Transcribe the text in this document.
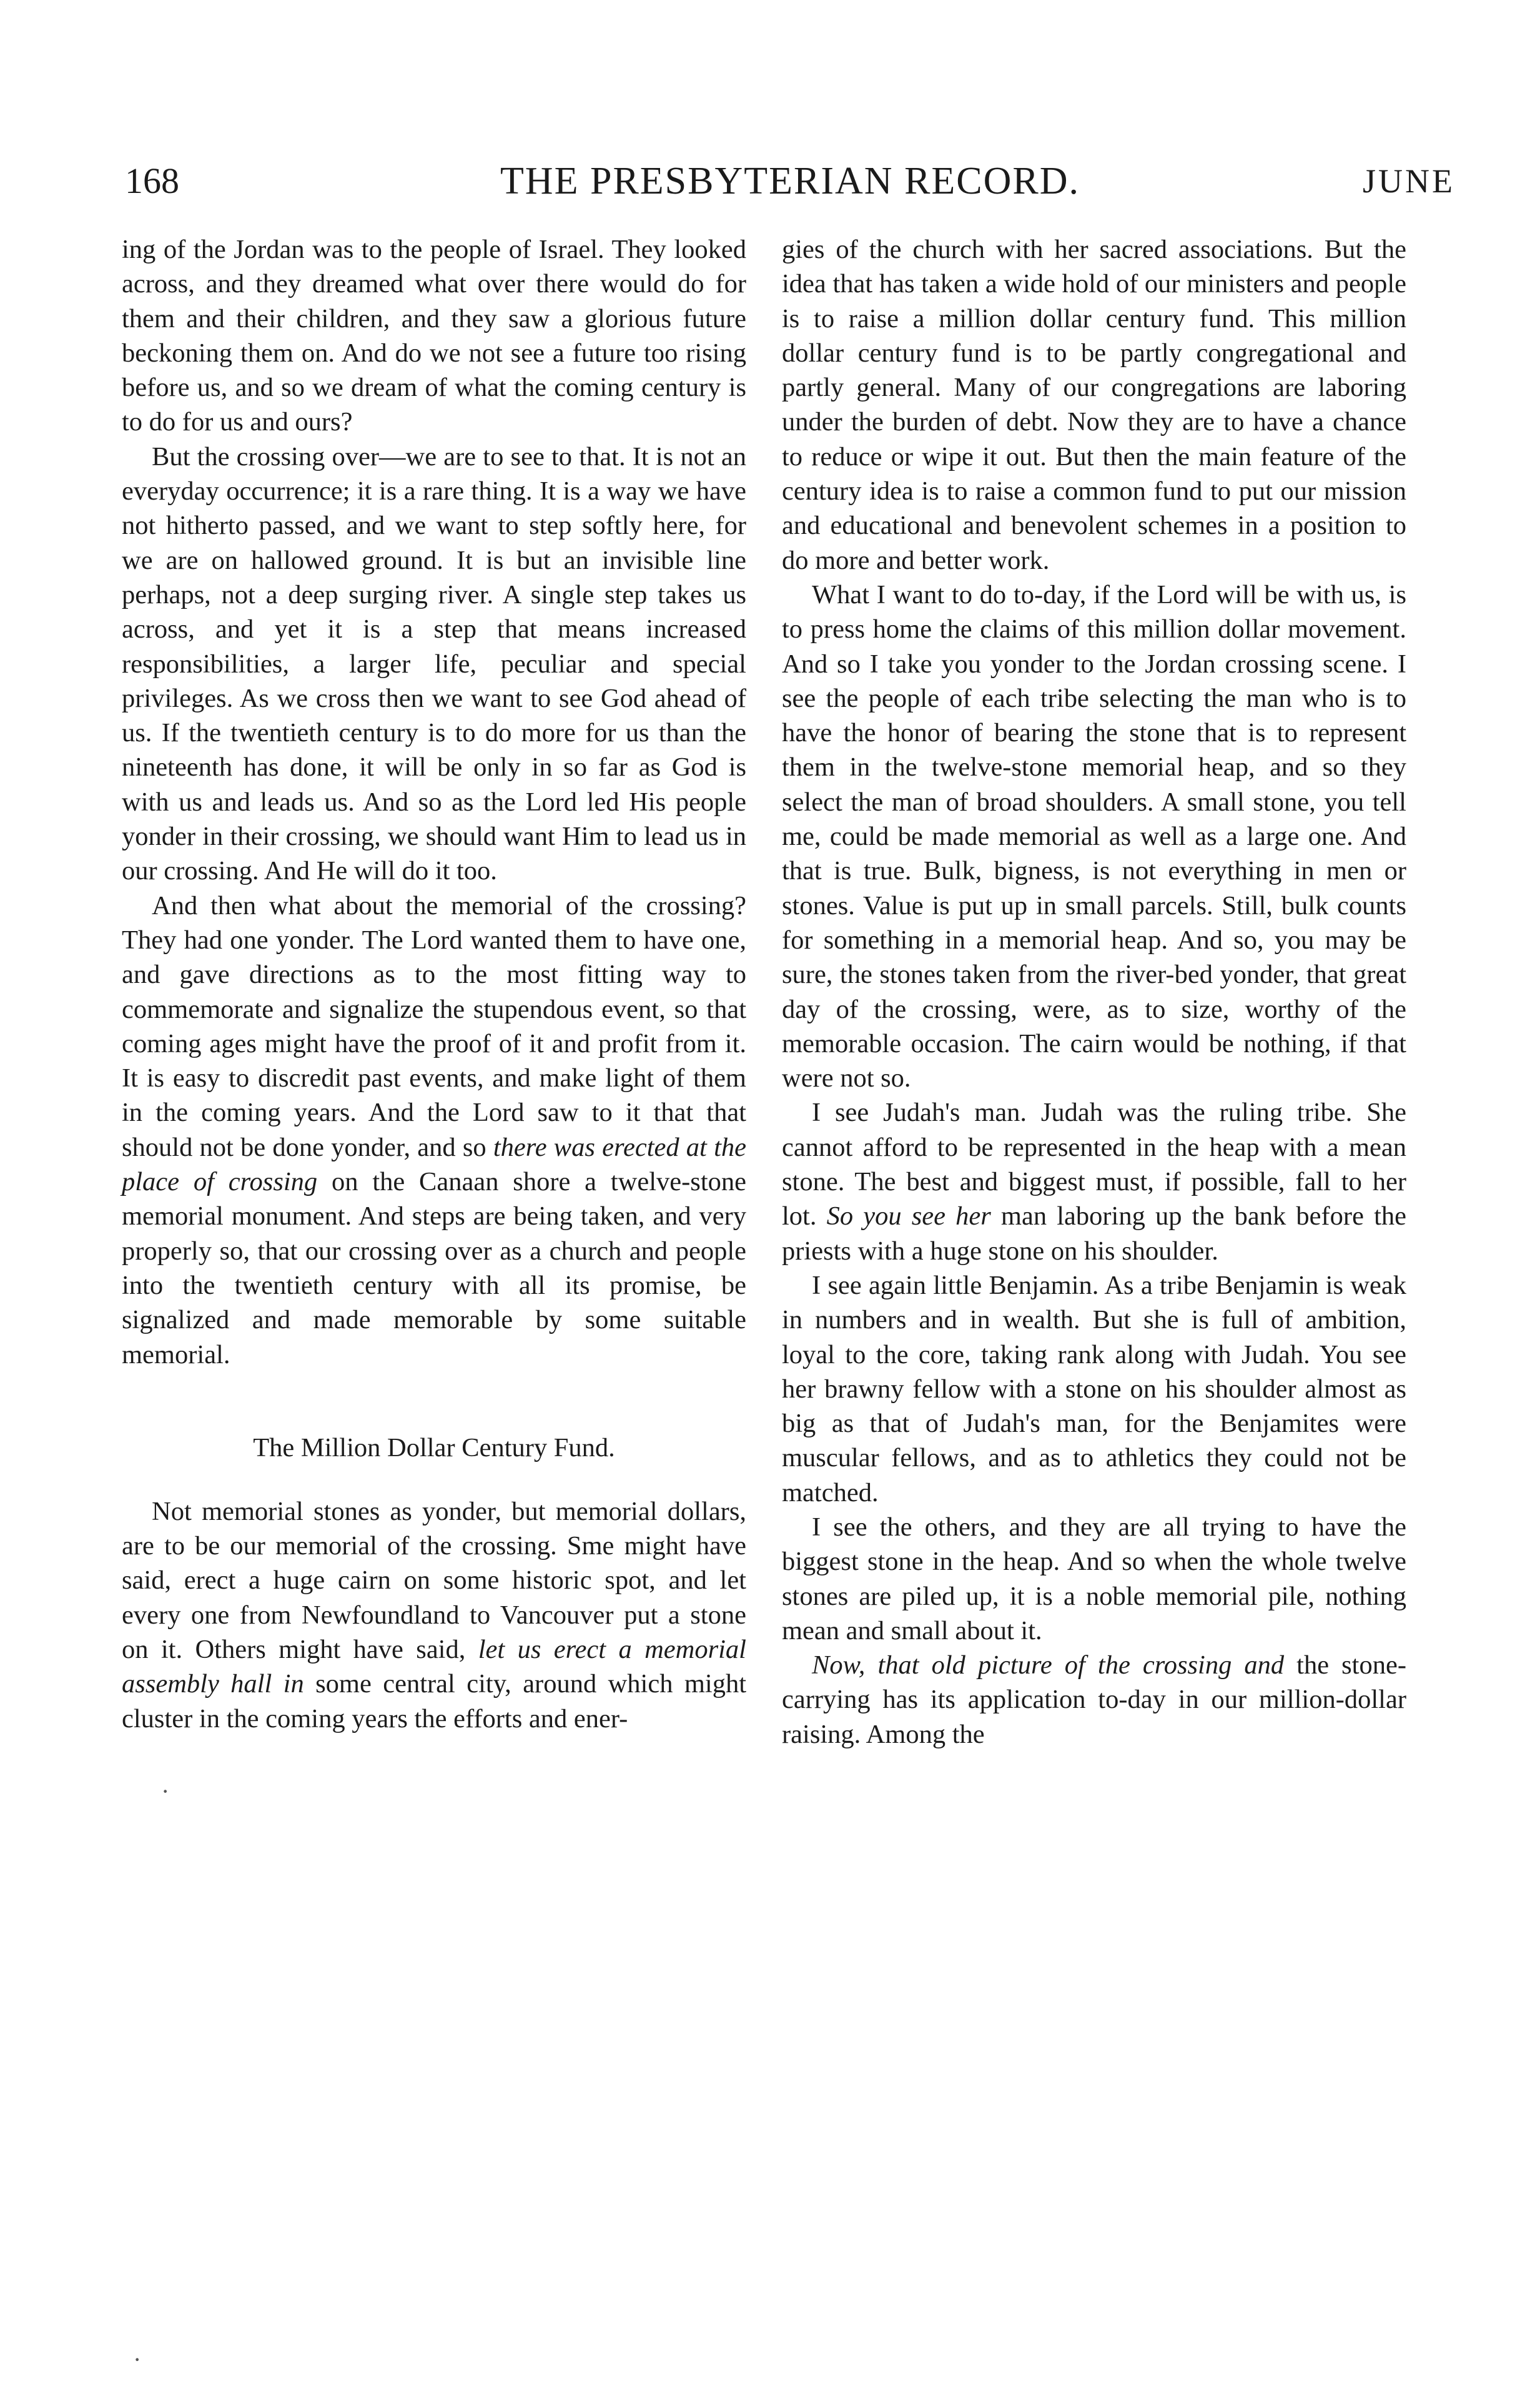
168	THE PRESBYTERIAN RECORD.	JUNE

ing of the Jordan was to the people of Israel. They looked across, and they dreamed what over there would do for them and their children, and they saw a glorious future beckoning them on. And do we not see a future too rising before us, and so we dream of what the coming century is to do for us and ours?

But the crossing over—we are to see to that. It is not an everyday occurrence; it is a rare thing. It is a way we have not hitherto passed, and we want to step softly here, for we are on hallowed ground. It is but an invisible line perhaps, not a deep surging river. A single step takes us across, and yet it is a step that means increased responsibilities, a larger life, peculiar and special privileges. As we cross then we want to see God ahead of us. If the twentieth century is to do more for us than the nineteenth has done, it will be only in so far as God is with us and leads us. And so as the Lord led His people yonder in their crossing, we should want Him to lead us in our crossing. And He will do it too.

And then what about the memorial of the crossing? They had one yonder. The Lord wanted them to have one, and gave directions as to the most fitting way to commemorate and signalize the stupendous event, so that coming ages might have the proof of it and profit from it. It is easy to discredit past events, and make light of them in the coming years. And the Lord saw to it that that should not be done yonder, and so there was erected at the place of crossing on the Canaan shore a twelve-stone memorial monument. And steps are being taken, and very properly so, that our crossing over as a church and people into the twentieth century with all its promise, be signalized and made memorable by some suitable memorial.

The Million Dollar Century Fund.

Not memorial stones as yonder, but memorial dollars, are to be our memorial of the crossing. Sme might have said, erect a huge cairn on some historic spot, and let every one from Newfoundland to Vancouver put a stone on it. Others might have said, let us erect a memorial assembly hall in some central city, around which might cluster in the coming years the efforts and ener-

gies of the church with her sacred associations. But the idea that has taken a wide hold of our ministers and people is to raise a million dollar century fund. This million dollar century fund is to be partly congregational and partly general. Many of our congregations are laboring under the burden of debt. Now they are to have a chance to reduce or wipe it out. But then the main feature of the century idea is to raise a common fund to put our mission and educational and benevolent schemes in a position to do more and better work.

What I want to do to-day, if the Lord will be with us, is to press home the claims of this million dollar movement. And so I take you yonder to the Jordan crossing scene. I see the people of each tribe selecting the man who is to have the honor of bearing the stone that is to represent them in the twelve-stone memorial heap, and so they select the man of broad shoulders. A small stone, you tell me, could be made memorial as well as a large one. And that is true. Bulk, bigness, is not everything in men or stones. Value is put up in small parcels. Still, bulk counts for something in a memorial heap. And so, you may be sure, the stones taken from the river-bed yonder, that great day of the crossing, were, as to size, worthy of the memorable occasion. The cairn would be nothing, if that were not so.

I see Judah's man. Judah was the ruling tribe. She cannot afford to be represented in the heap with a mean stone. The best and biggest must, if possible, fall to her lot. So you see her man laboring up the bank before the priests with a huge stone on his shoulder.

I see again little Benjamin. As a tribe Benjamin is weak in numbers and in wealth. But she is full of ambition, loyal to the core, taking rank along with Judah. You see her brawny fellow with a stone on his shoulder almost as big as that of Judah's man, for the Benjamites were muscular fellows, and as to athletics they could not be matched.

I see the others, and they are all trying to have the biggest stone in the heap. And so when the whole twelve stones are piled up, it is a noble memorial pile, nothing mean and small about it.

Now, that old picture of the crossing and the stone-carrying has its application to-day in our million-dollar raising. Among the

·
·
